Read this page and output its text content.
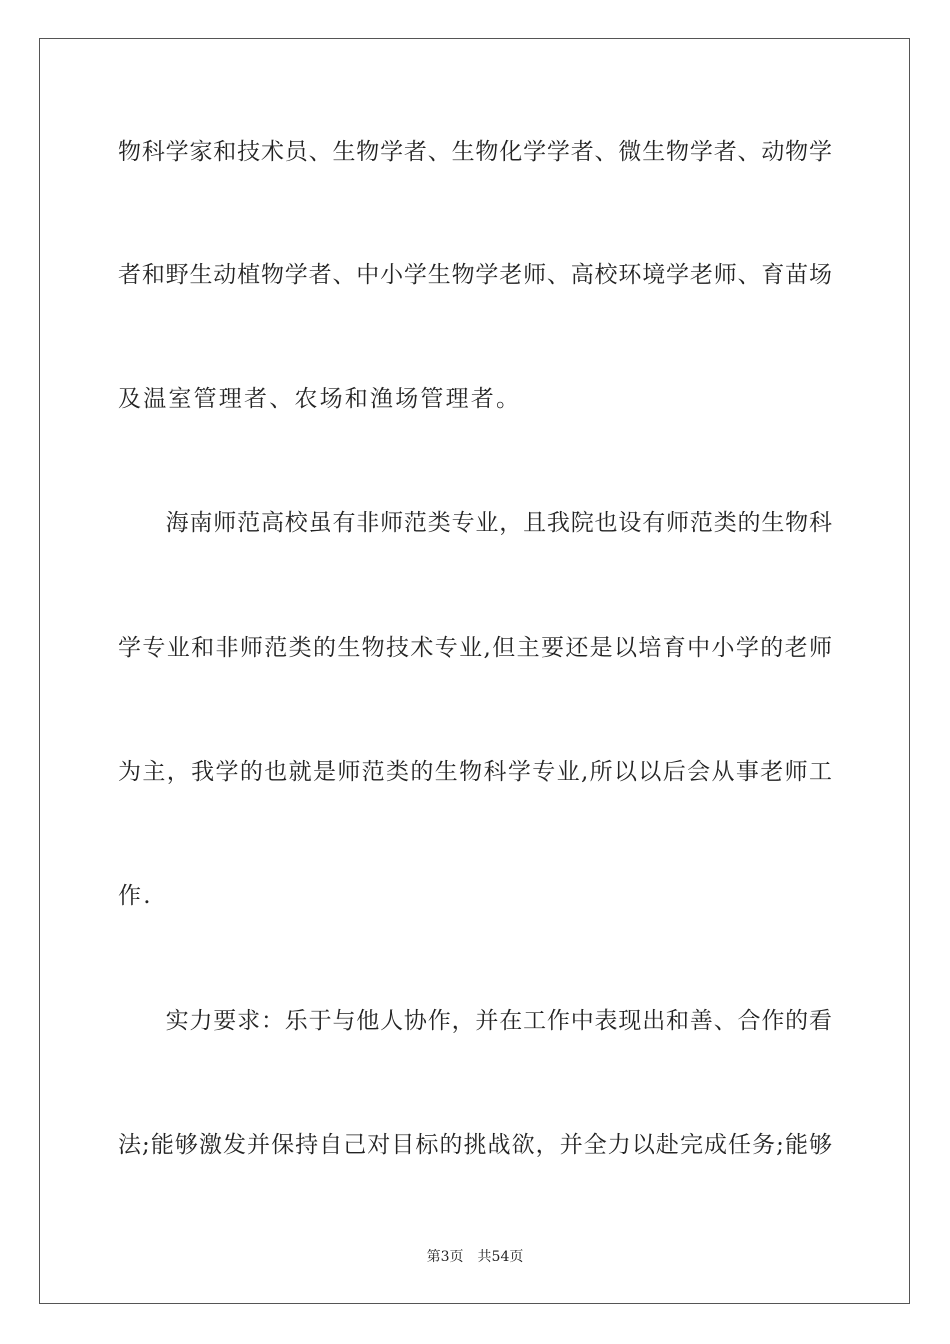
物科学家和技术员、生物学者、生物化学学者、微生物学者、动物学
者和野生动植物学者、中小学生物学老师、高校环境学老师、育苗场
及温室管理者、农场和渔场管理者。
　　海南师范高校虽有非师范类专业，且我院也设有师范类的生物科
学专业和非师范类的生物技术专业,但主要还是以培育中小学的老师
为主，我学的也就是师范类的生物科学专业,所以以后会从事老师工
作.
　　实力要求：乐于与他人协作，并在工作中表现出和善、合作的看
法;能够激发并保持自己对目标的挑战欲，并全力以赴完成任务;能够
第3页　共54页
